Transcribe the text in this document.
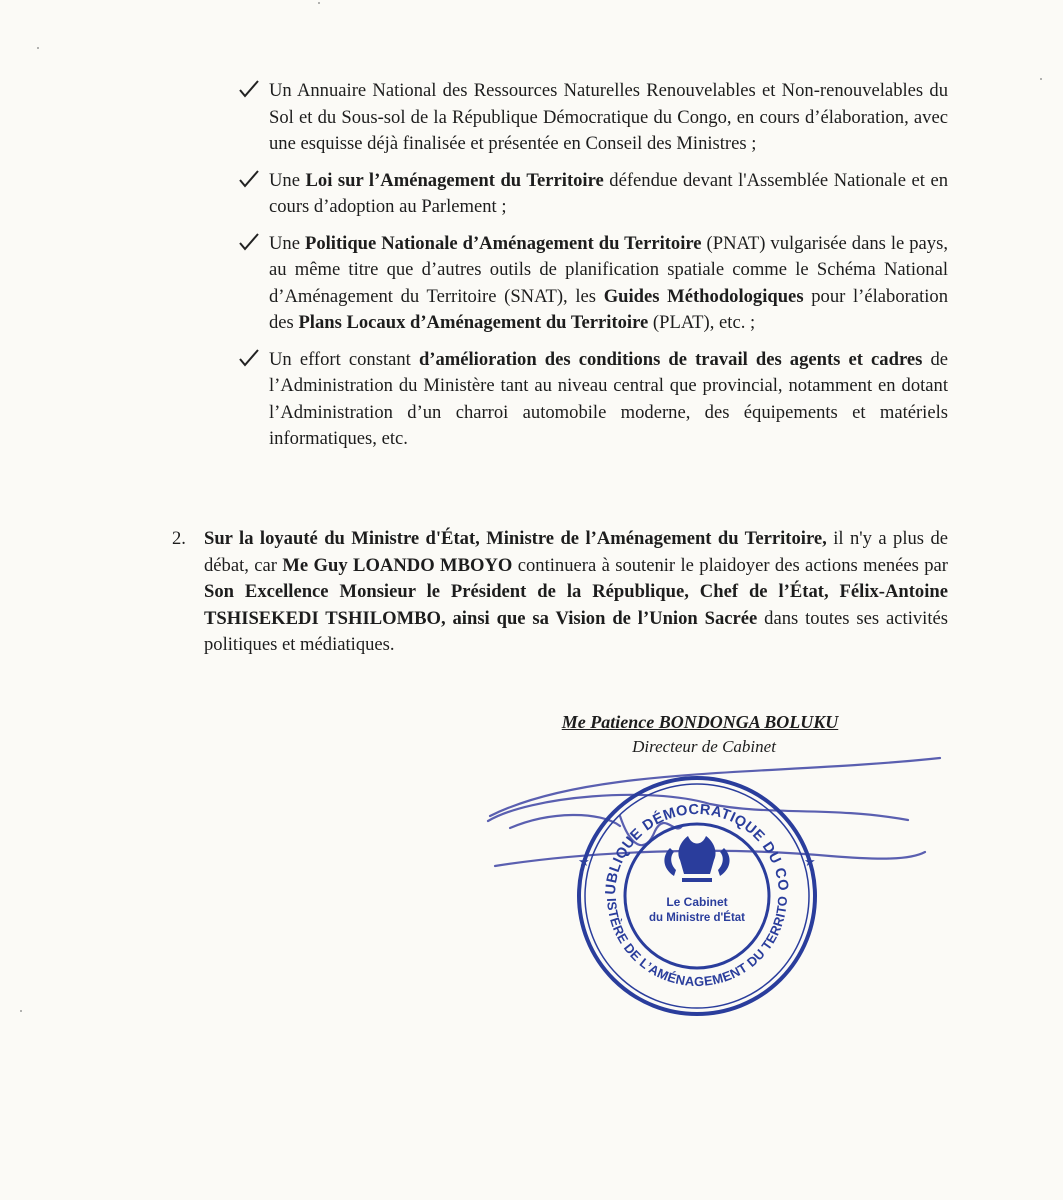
Un Annuaire National des Ressources Naturelles Renouvelables et Non-renouvelables du Sol et du Sous-sol de la République Démocratique du Congo, en cours d’élaboration, avec une esquisse déjà finalisée et présentée en Conseil des Ministres ;

Une Loi sur l’Aménagement du Territoire défendue devant l'Assemblée Nationale et en cours d’adoption au Parlement ;

Une Politique Nationale d’Aménagement du Territoire (PNAT) vulgarisée dans le pays, au même titre que d’autres outils de planification spatiale comme le Schéma National d’Aménagement du Territoire (SNAT), les Guides Méthodologiques pour l’élaboration des Plans Locaux d’Aménagement du Territoire (PLAT), etc. ;

Un effort constant d’amélioration des conditions de travail des agents et cadres de l’Administration du Ministère tant au niveau central que provincial, notamment en dotant l’Administration d’un charroi automobile moderne, des équipements et matériels informatiques, etc.

2. Sur la loyauté du Ministre d'État, Ministre de l’Aménagement du Territoire, il n'y a plus de débat, car Me Guy LOANDO MBOYO continuera à soutenir le plaidoyer des actions menées par Son Excellence Monsieur le Président de la République, Chef de l’État, Félix-Antoine TSHISEKEDI TSHILOMBO, ainsi que sa Vision de l’Union Sacrée dans toutes ses activités politiques et médiatiques.

Me Patience BONDONGA BOLUKU
Directeur de Cabinet
UBLIQUE DÉMOCRATIQUE DU CO
ISTÈRE DE L’AMÉNAGEMENT DU TERRITO
★	★
Le Cabinet
du Ministre d'État
